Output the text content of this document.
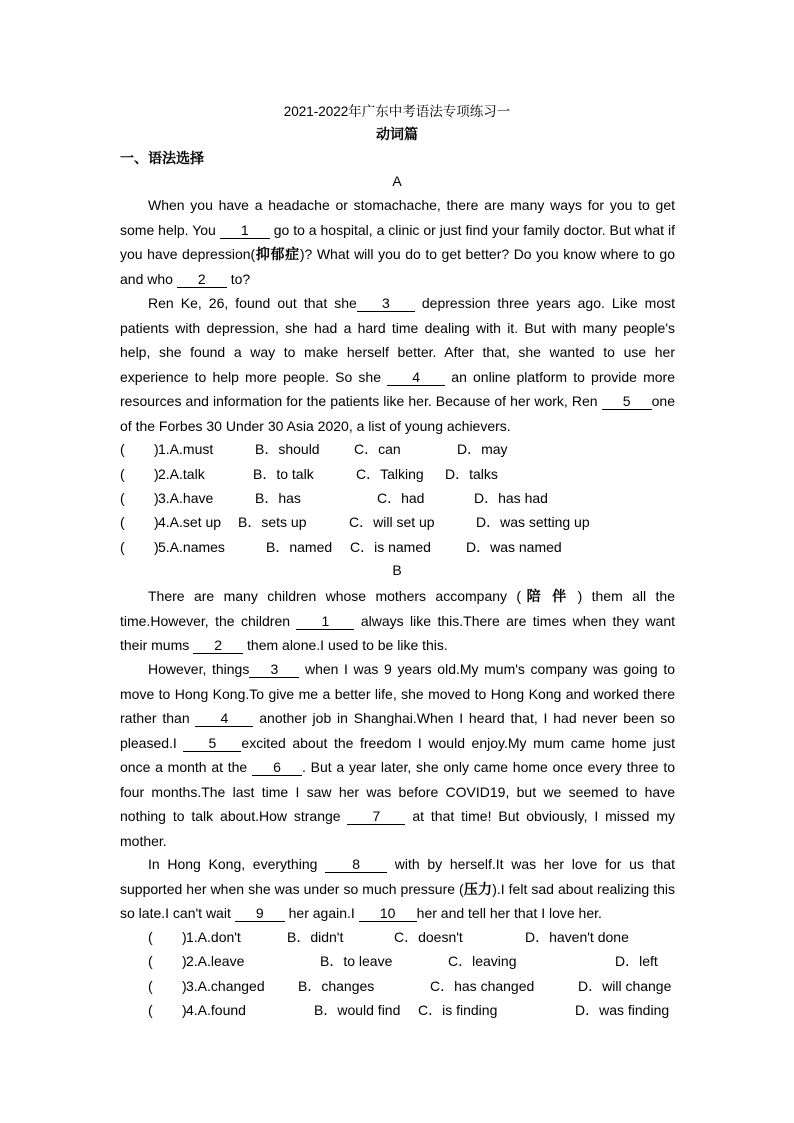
2021-2022年广东中考语法专项练习一
动词篇
一、语法选择
A

When you have a headache or stomachache, there are many ways for you to get some help. You 1 go to a hospital, a clinic or just find your family doctor. But what if you have depression(抑郁症)? What will you do to get better? Do you know where to go and who 2 to?

Ren Ke, 26, found out that she 3 depression three years ago. Like most patients with depression, she had a hard time dealing with it. But with many people's help, she found a way to make herself better. After that, she wanted to use her experience to help more people. So she 4 an online platform to provide more resources and information for the patients like her. Because of her work, Ren 5 one of the Forbes 30 Under 30 Asia 2020, a list of young achievers.

( ) 1.A.must	B．should C．can	D．may
( ) 2.A.talk	B．to talk	C．Talking D．talks
( ) 3.A.have	B．has	C．had	D．has had
( ) 4.A.set up B．sets up	C．will set up	D．was setting up
( ) 5.A.names	B．named C．is named	D．was named
B

There are many children whose mothers accompany (陪伴) them all the time.However, the children 1 always like this.There are times when they want their mums 2 them alone.I used to be like this.

However, things 3 when I was 9 years old.My mum's company was going to move to Hong Kong.To give me a better life, she moved to Hong Kong and worked there rather than 4 another job in Shanghai.When I heard that, I had never been so pleased.I 5 excited about the freedom I would enjoy.My mum came home just once a month at the 6 . But a year later, she only came home once every three to four months.The last time I saw her was before COVID19, but we seemed to have nothing to talk about.How strange 7 at that time! But obviously, I missed my mother.

In Hong Kong, everything 8 with by herself.It was her love for us that supported her when she was under so much pressure (压力).I felt sad about realizing this so late.I can't wait 9 her again.I 10 her and tell her that I love her.

( ) 1.A.don't	B．didn't	C．doesn't	D．haven't done
( ) 2.A.leave	B．to leave	C．leaving	D．left
( ) 3.A.changed B．changes	C．has changed	D．will change
( ) 4.A.found	B．would find C．is finding	D．was finding
